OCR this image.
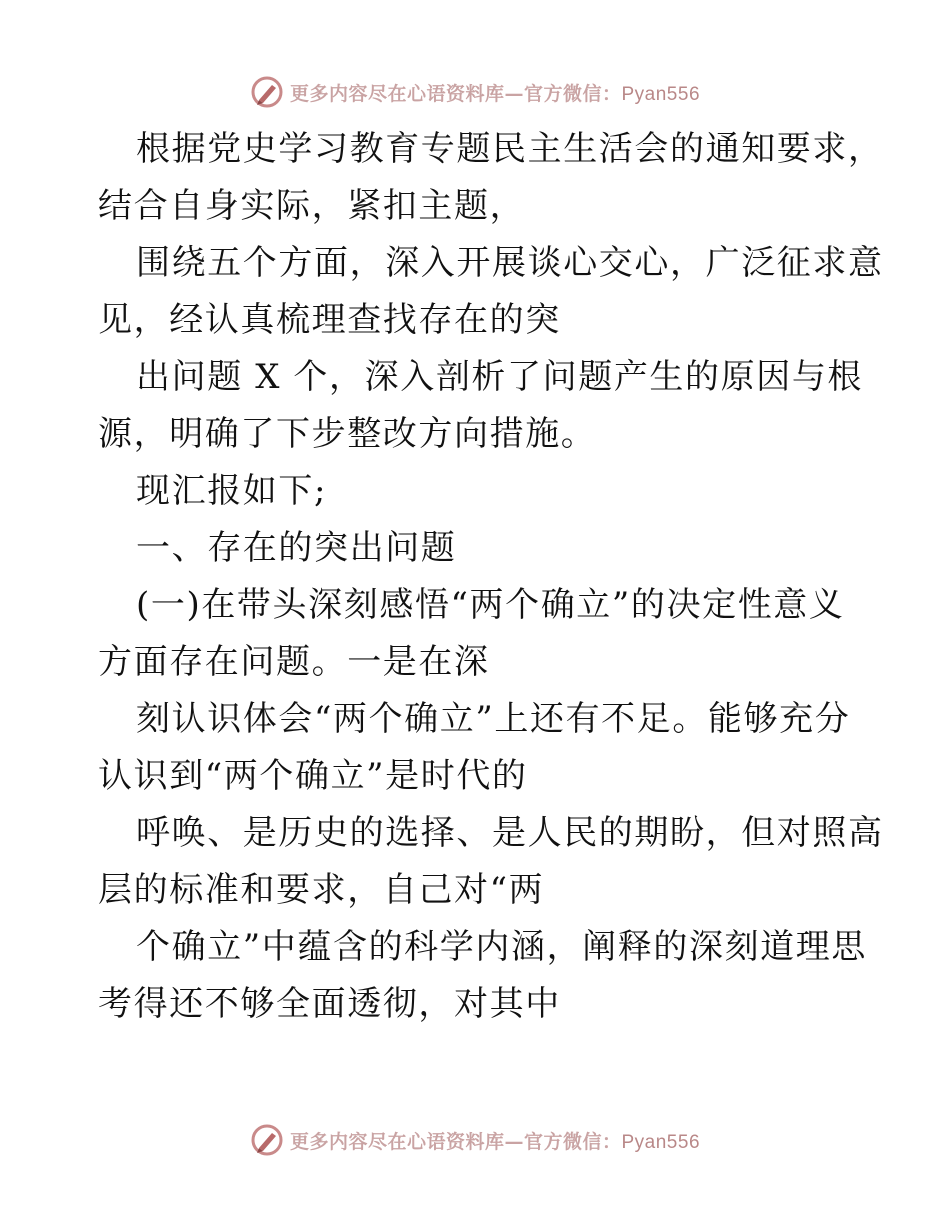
更多内容尽在心语资料库—官方微信：Pyan556
根据党史学习教育专题民主生活会的通知要求，
结合自身实际，紧扣主题，
围绕五个方面，深入开展谈心交心，广泛征求意
见，经认真梳理查找存在的突
出问题 X 个，深入剖析了问题产生的原因与根
源，明确了下步整改方向措施。
现汇报如下;
一、存在的突出问题
(一)在带头深刻感悟“两个确立”的决定性意义
方面存在问题。一是在深
刻认识体会“两个确立”上还有不足。能够充分
认识到“两个确立”是时代的
呼唤、是历史的选择、是人民的期盼，但对照高
层的标准和要求，自己对“两
个确立”中蕴含的科学内涵，阐释的深刻道理思
考得还不够全面透彻，对其中
更多内容尽在心语资料库—官方微信：Pyan556
